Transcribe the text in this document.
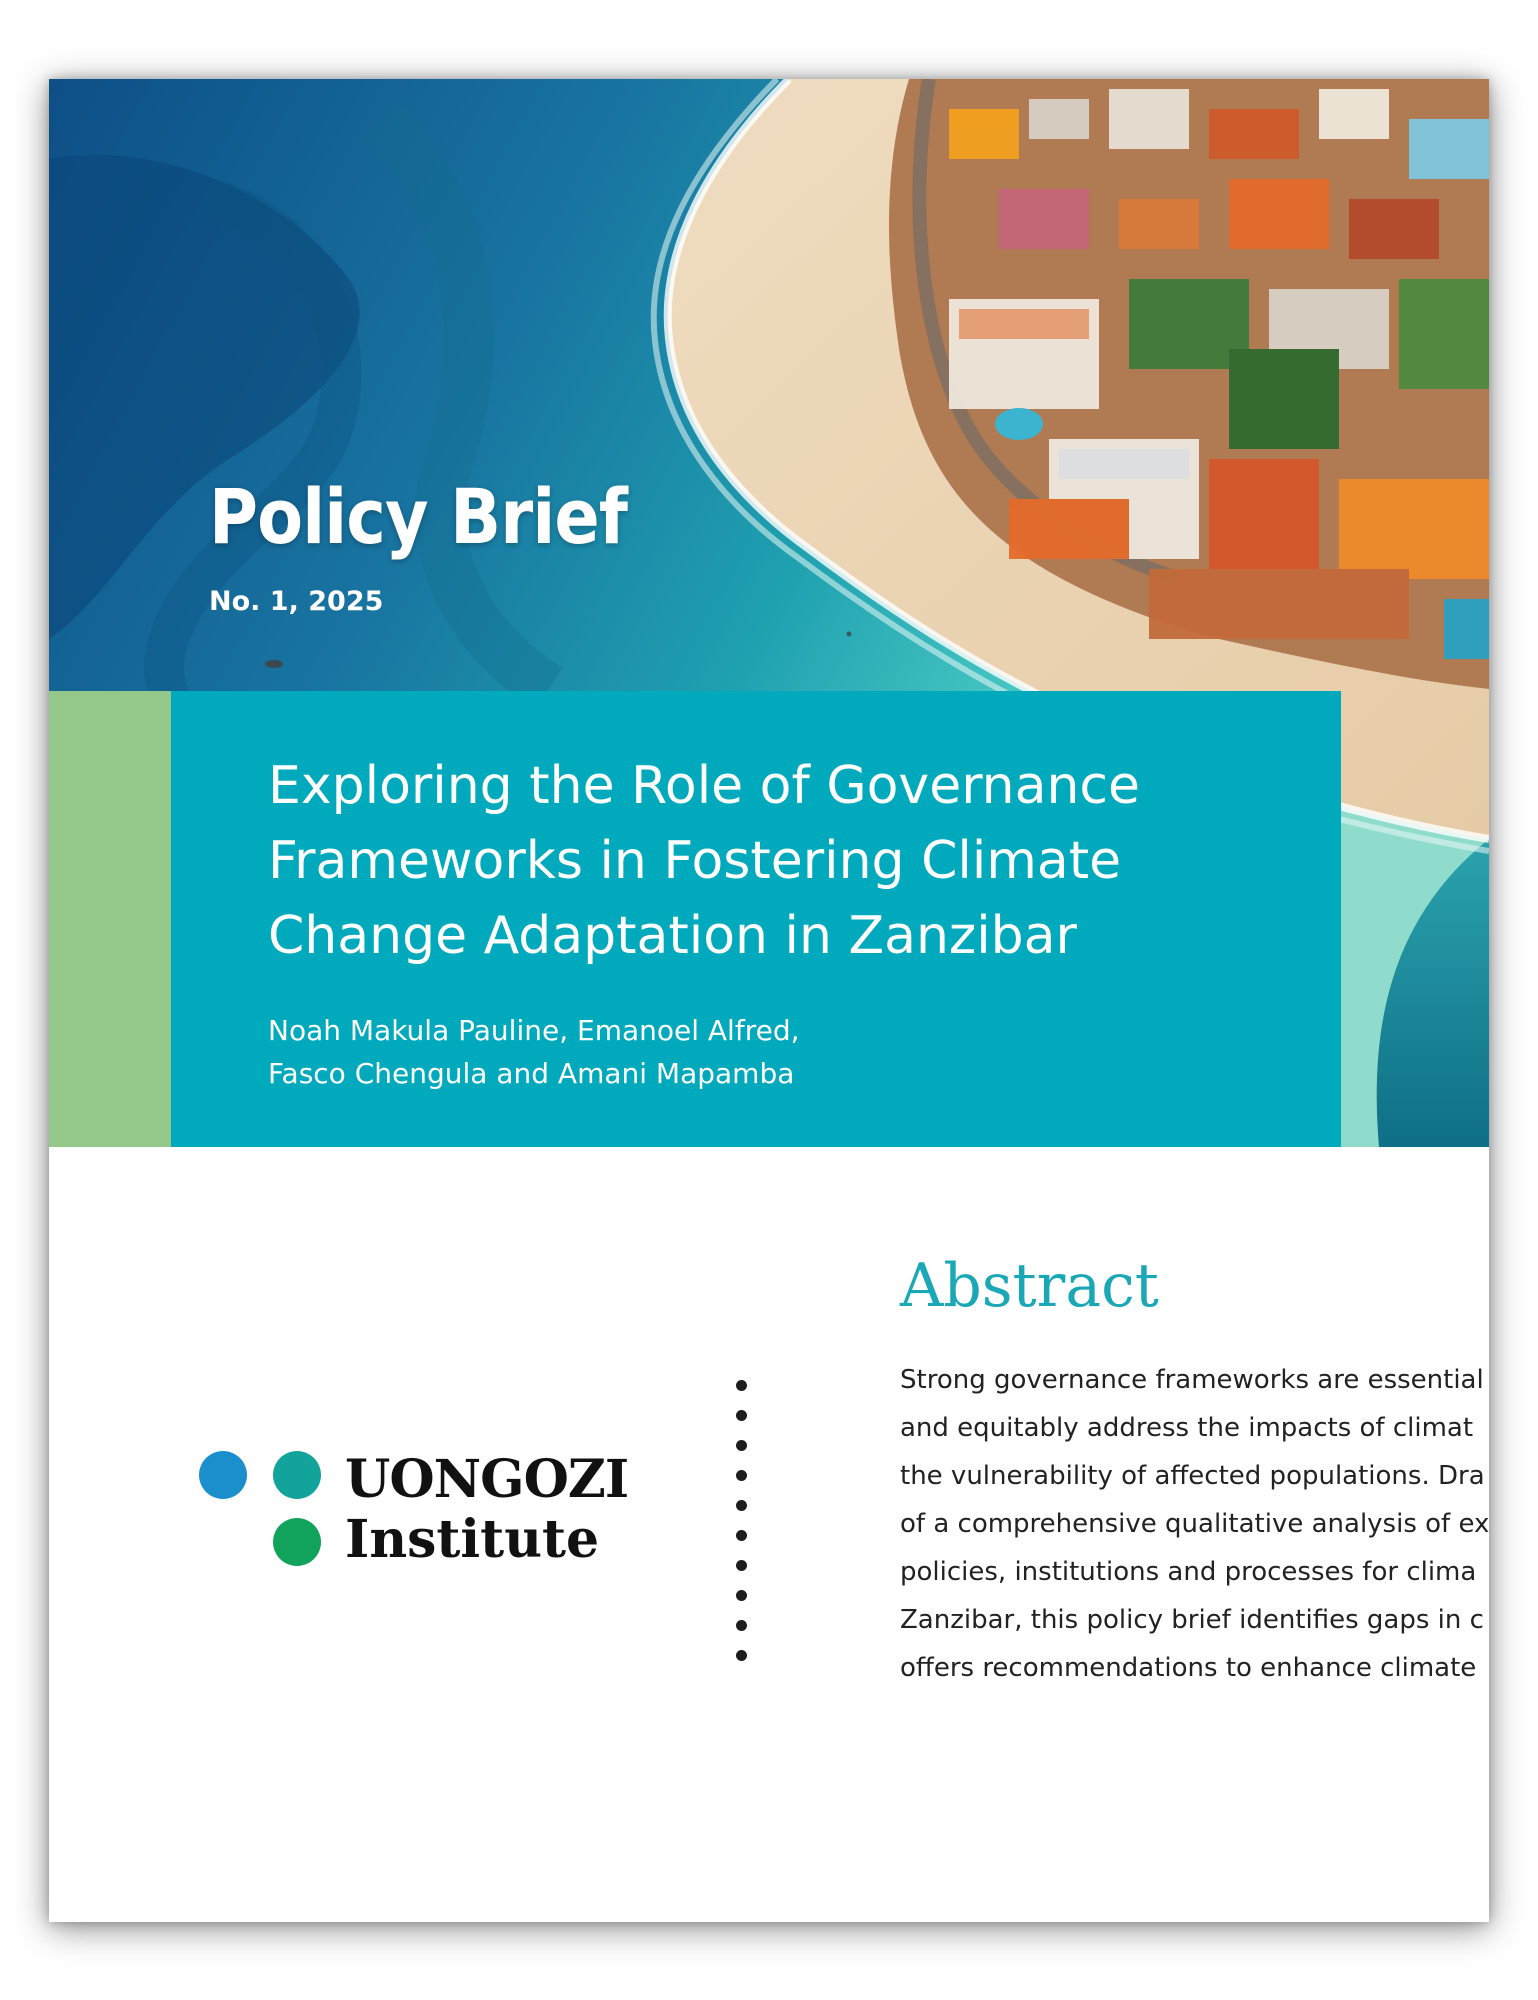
Policy Brief
No. 1, 2025
Exploring the Role of Governance
Frameworks in Fostering Climate
Change Adaptation in Zanzibar
Noah Makula Pauline, Emanoel Alfred,
Fasco Chengula and Amani Mapamba
UONGOZI
Institute
Abstract
Strong governance frameworks are essential
and equitably address the impacts of climat
the vulnerability of affected populations. Dra
of a comprehensive qualitative analysis of ex
policies, institutions and processes for clima
Zanzibar, this policy brief identifies gaps in c
offers recommendations to enhance climate
